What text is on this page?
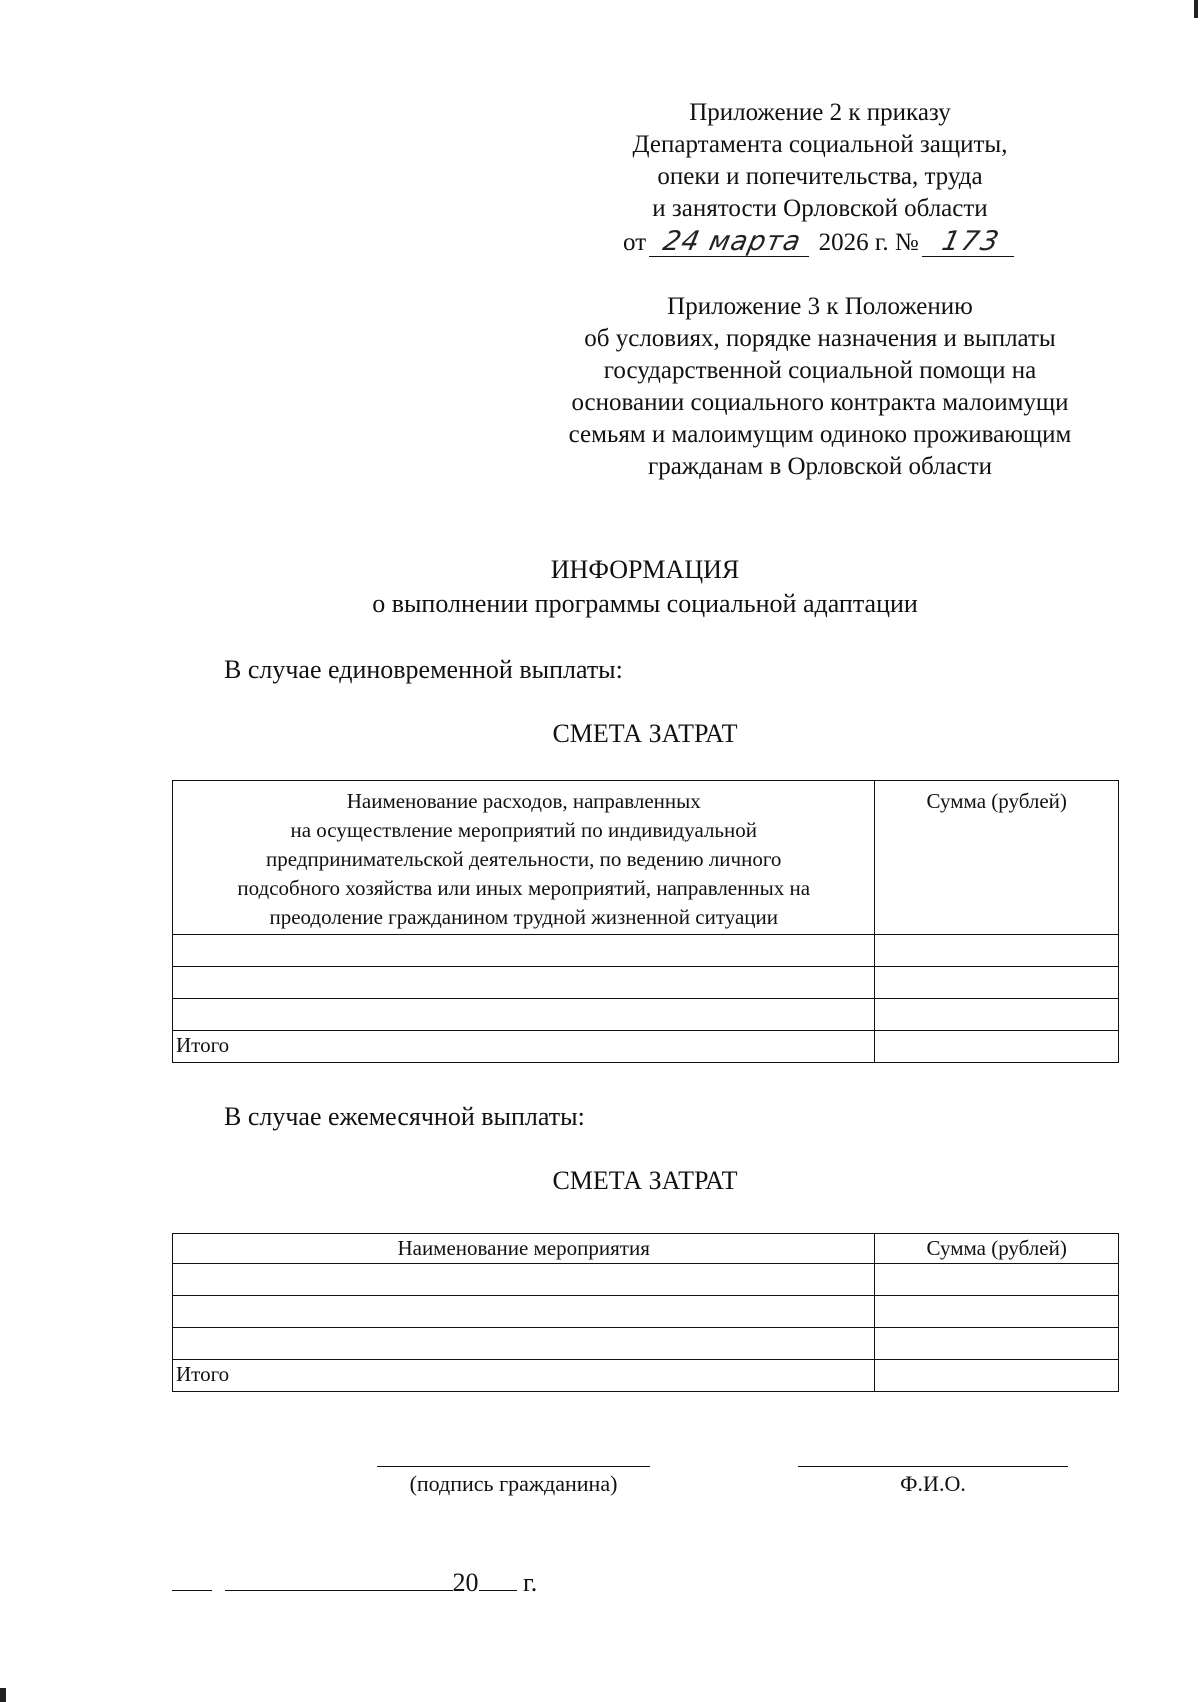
Приложение 2 к приказу
Департамента социальной защиты,
опеки и попечительства, труда
и занятости Орловской области
от 24 марта 2026 г. № 173
Приложение 3 к Положению
об условиях, порядке назначения и выплаты
государственной социальной помощи на
основании социального контракта малоимущи
семьям и малоимущим одиноко проживающим
гражданам в Орловской области
ИНФОРМАЦИЯ
о выполнении программы социальной адаптации
В случае единовременной выплаты:
СМЕТА ЗАТРАТ
Наименование расходов, направленных
на осуществление мероприятий по индивидуальной
предпринимательской деятельности, по ведению личного
подсобного хозяйства или иных мероприятий, направленных на
преодоление гражданином трудной жизненной ситуации	Сумма (рублей)

Итого	
В случае ежемесячной выплаты:
СМЕТА ЗАТРАТ
Наименование мероприятия	Сумма (рублей)

Итого	
(подпись гражданина)	Ф.И.О.
20 г.
